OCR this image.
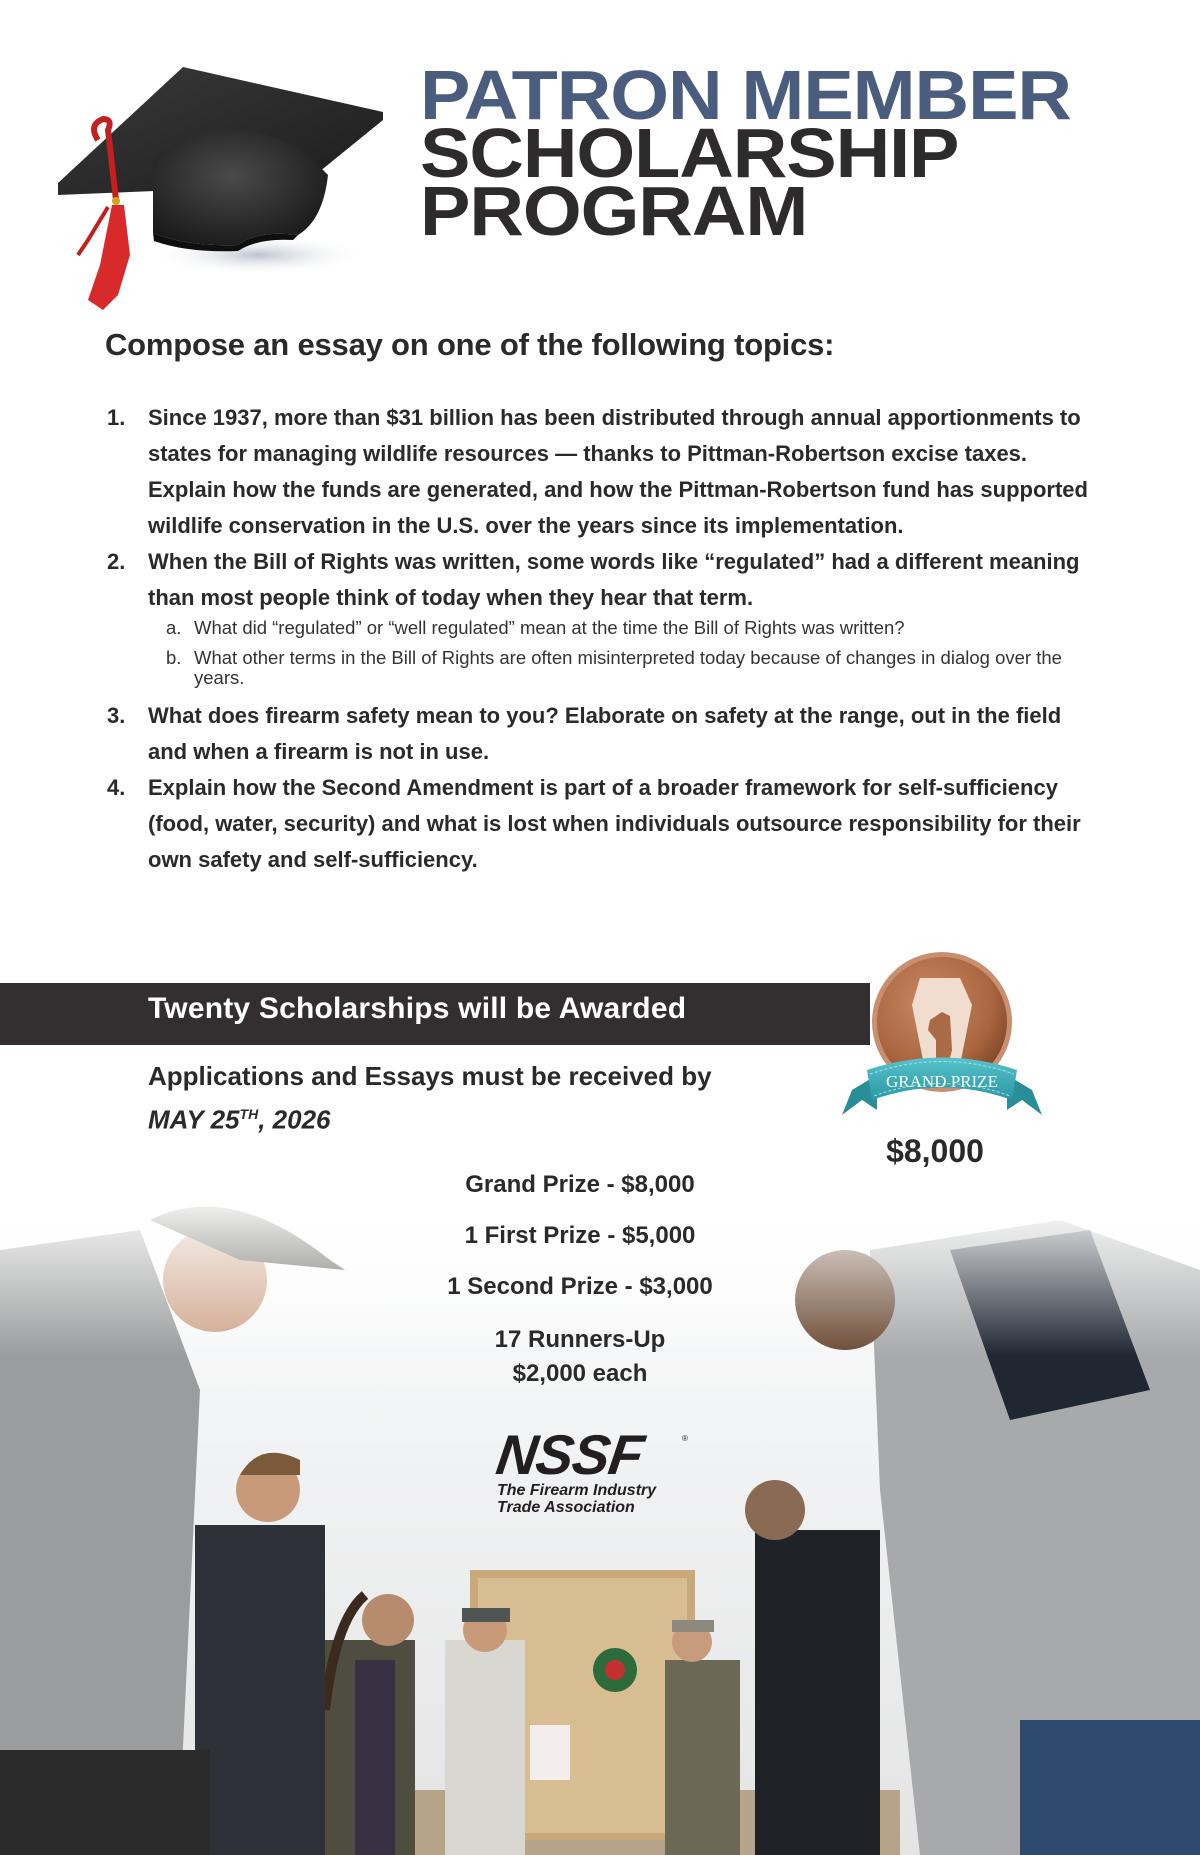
PATRON MEMBER
SCHOLARSHIP
PROGRAM
Compose an essay on one of the following topics:
1. Since 1937, more than $31 billion has been distributed through annual apportionments to states for managing wildlife resources — thanks to Pittman-Robertson excise taxes. Explain how the funds are generated, and how the Pittman-Robertson fund has supported wildlife conservation in the U.S. over the years since its implementation.
2. When the Bill of Rights was written, some words like “regulated” had a different meaning than most people think of today when they hear that term.
a. What did “regulated” or “well regulated” mean at the time the Bill of Rights was written?
b. What other terms in the Bill of Rights are often misinterpreted today because of changes in dialog over the years.
3. What does firearm safety mean to you? Elaborate on safety at the range, out in the field and when a firearm is not in use.
4. Explain how the Second Amendment is part of a broader framework for self-sufficiency (food, water, security) and what is lost when individuals outsource responsibility for their own safety and self-sufficiency.
Twenty Scholarships will be Awarded
Applications and Essays must be received by
MAY 25TH, 2026
GRAND PRIZE
$8,000
Grand Prize - $8,000
1 First Prize - $5,000
1 Second Prize - $3,000
17 Runners-Up
$2,000 each
NSSF	®
The Firearm Industry
Trade Association
